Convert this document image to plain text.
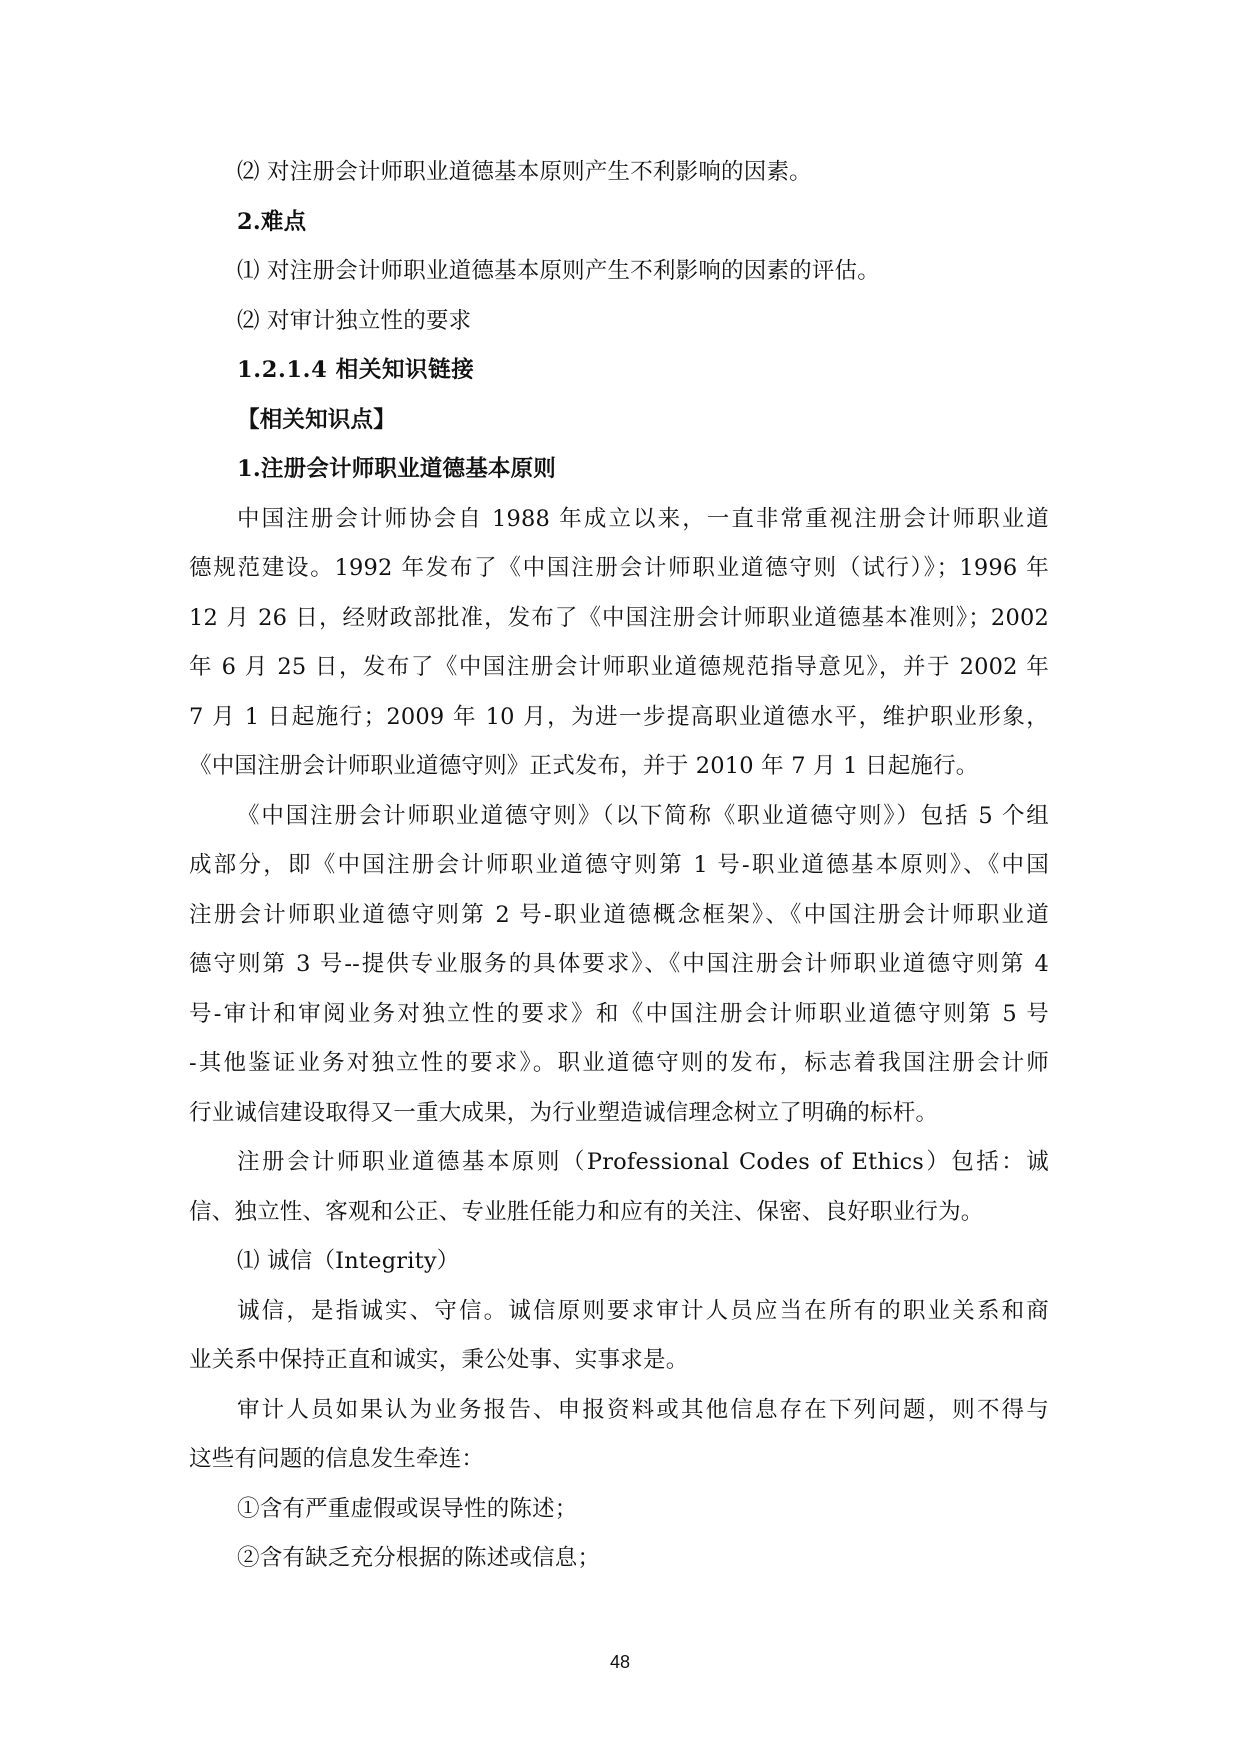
⑵ 对注册会计师职业道德基本原则产生不利影响的因素。
2.难点
⑴ 对注册会计师职业道德基本原则产生不利影响的因素的评估。
⑵ 对审计独立性的要求
1.2.1.4 相关知识链接
【相关知识点】
1.注册会计师职业道德基本原则
中国注册会计师协会自 1988 年成立以来，一直非常重视注册会计师职业道
德规范建设。1992 年发布了《中国注册会计师职业道德守则（试行）》；1996 年
12 月 26 日，经财政部批准，发布了《中国注册会计师职业道德基本准则》；2002
年 6 月 25 日，发布了《中国注册会计师职业道德规范指导意见》，并于 2002 年
7 月 1 日起施行；2009 年 10 月，为进一步提高职业道德水平，维护职业形象，
《中国注册会计师职业道德守则》正式发布，并于 2010 年 7 月 1 日起施行。
《中国注册会计师职业道德守则》（以下简称《职业道德守则》）包括 5 个组
成部分，即《中国注册会计师职业道德守则第 1 号-职业道德基本原则》、《中国
注册会计师职业道德守则第 2 号-职业道德概念框架》、《中国注册会计师职业道
德守则第 3 号--提供专业服务的具体要求》、《中国注册会计师职业道德守则第 4
号-审计和审阅业务对独立性的要求》和《中国注册会计师职业道德守则第 5 号
-其他鉴证业务对独立性的要求》。职业道德守则的发布，标志着我国注册会计师
行业诚信建设取得又一重大成果，为行业塑造诚信理念树立了明确的标杆。
注册会计师职业道德基本原则（Professional Codes of Ethics）包括：诚
信、独立性、客观和公正、专业胜任能力和应有的关注、保密、良好职业行为。
⑴ 诚信（Integrity）
诚信，是指诚实、守信。诚信原则要求审计人员应当在所有的职业关系和商
业关系中保持正直和诚实，秉公处事、实事求是。
审计人员如果认为业务报告、申报资料或其他信息存在下列问题，则不得与
这些有问题的信息发生牵连：
①含有严重虚假或误导性的陈述；
②含有缺乏充分根据的陈述或信息；
48
